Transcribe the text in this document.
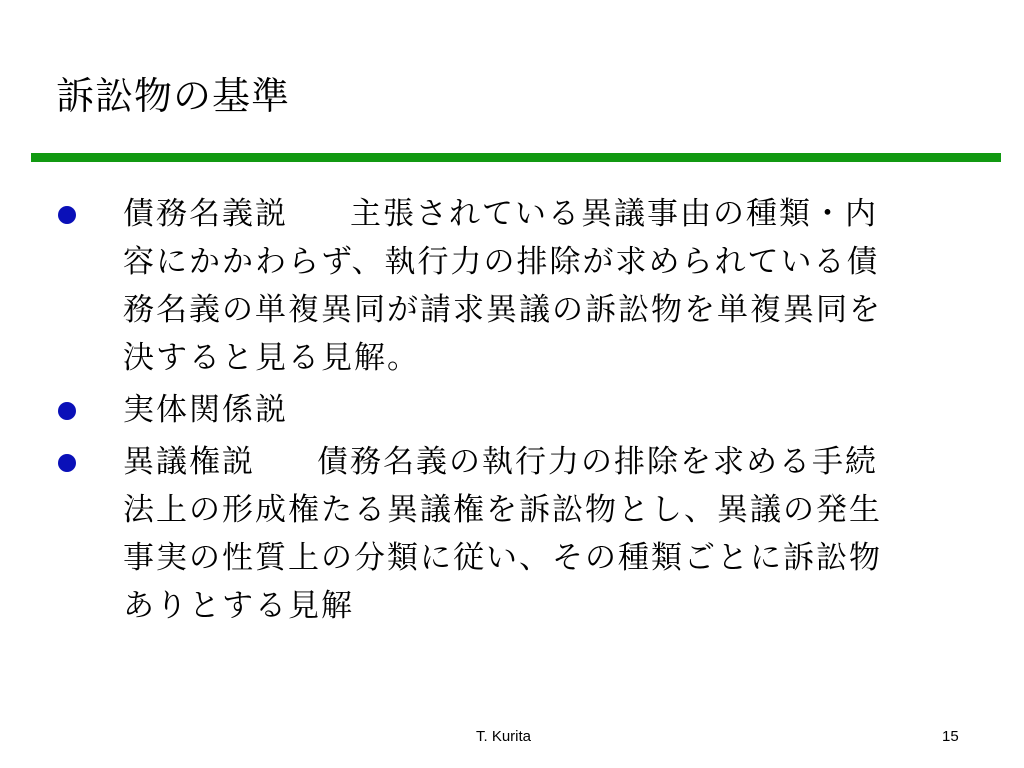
訴訟物の基準
債務名義説 主張されている異議事由の種類・内容にかかわらず、執行力の排除が求められている債務名義の単複異同が請求異議の訴訟物を単複異同を決すると見る見解。
実体関係説
異議権説 債務名義の執行力の排除を求める手続法上の形成権たる異議権を訴訟物とし、異議の発生事実の性質上の分類に従い、その種類ごとに訴訟物ありとする見解
T. Kurita	15
